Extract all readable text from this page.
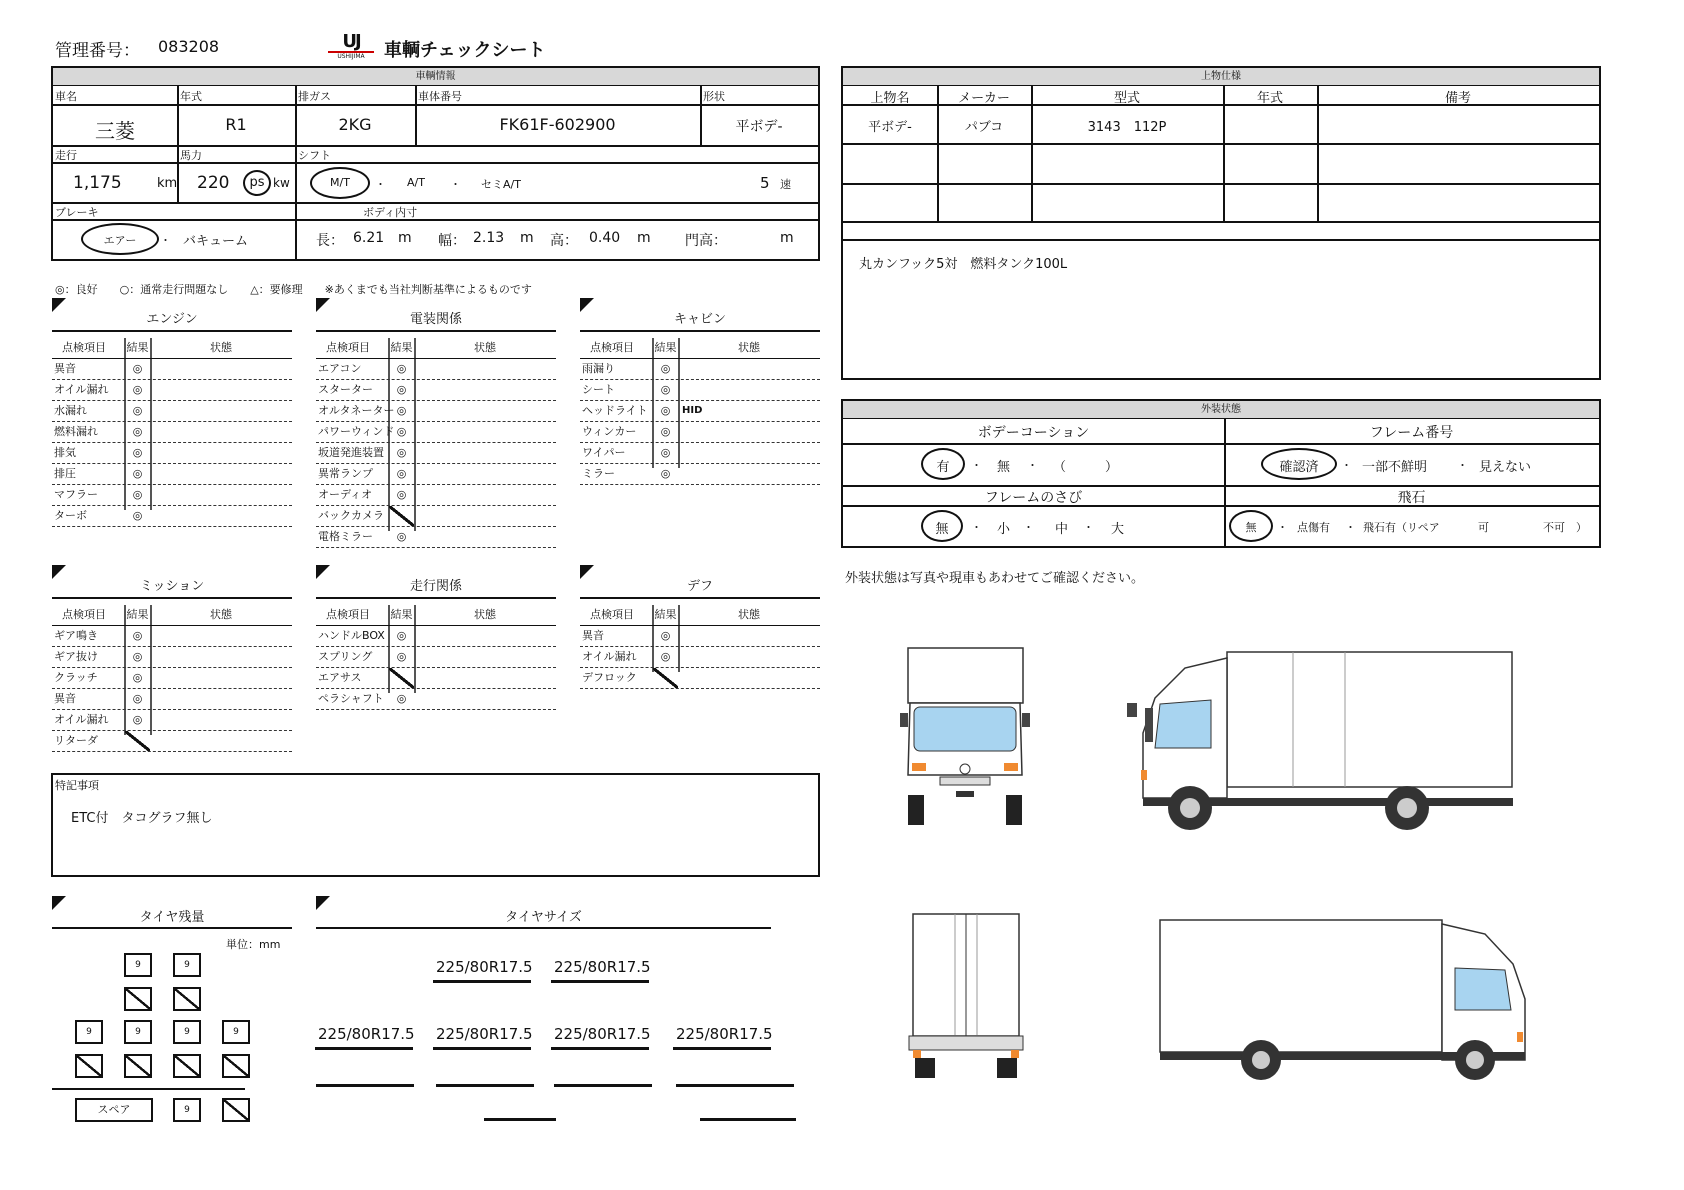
管理番号： 083208	UJ
USHIJIMA	車輌チェックシート
車輌情報
車名	年式	排ガス	車体番号	形状
三菱	R1	2KG	FK61F-602900	平ボデ-
走行	馬力	シフト
1,175	km 220 ps kw	M/T	・ A/T ・ セミA/T	5 速
ブレーキ	ボディ内寸
エアー	・ バキューム	長： 6.21 m 幅： 2.13 m 高： 0.40 m 門高：	m
上物仕様
上物名	メーカー	型式	年式	備考
平ボデ-	パブコ	3143　112P
丸カンフック5対　燃料タンク100L
◎：良好　　○：通常走行問題なし　　△：要修理　　※あくまでも当社判断基準によるものです
エンジン
点検項目 結果	状態
異音	◎
オイル漏れ	◎
水漏れ	◎
燃料漏れ	◎
排気	◎
排圧	◎
マフラー	◎
ターボ	◎
電装関係
点検項目 結果	状態
エアコン	◎
スターター	◎
オルタネーター ◎
パワーウィンド ◎
坂道発進装置	◎
異常ランプ	◎
オーディオ	◎
バックカメラ
電格ミラー	◎
キャビン
点検項目 結果	状態
雨漏り	◎
シート	◎
ヘッドライト	◎	HID
ウィンカー	◎
ワイパー	◎
ミラー	◎
ミッション
点検項目 結果	状態
ギア鳴き	◎
ギア抜け	◎
クラッチ	◎
異音	◎
オイル漏れ	◎
リターダ
走行関係
点検項目 結果	状態
ハンドルBOX	◎
スプリング	◎
エアサス
ペラシャフト	◎
デフ
点検項目 結果	状態
異音	◎
オイル漏れ	◎
デフロック
特記事項
ETC付　タコグラフ無し
外装状態
ボデーコーション	フレーム番号
有	・ 無 ・ （　　　）	確認済	・ 一部不鮮明	・ 見えない
フレームのさび	飛石
無	・ 小 ・ 中 ・ 大	無	・ 点傷有 ・ 飛石有（リペア	可	不可　）
外装状態は写真や現車もあわせてご確認ください。
タイヤ残量
単位：mm
9	9
9	9	9	9
9
スペア
タイヤサイズ
225/80R17.5 225/80R17.5
225/80R17.5 225/80R17.5 225/80R17.5 225/80R17.5
